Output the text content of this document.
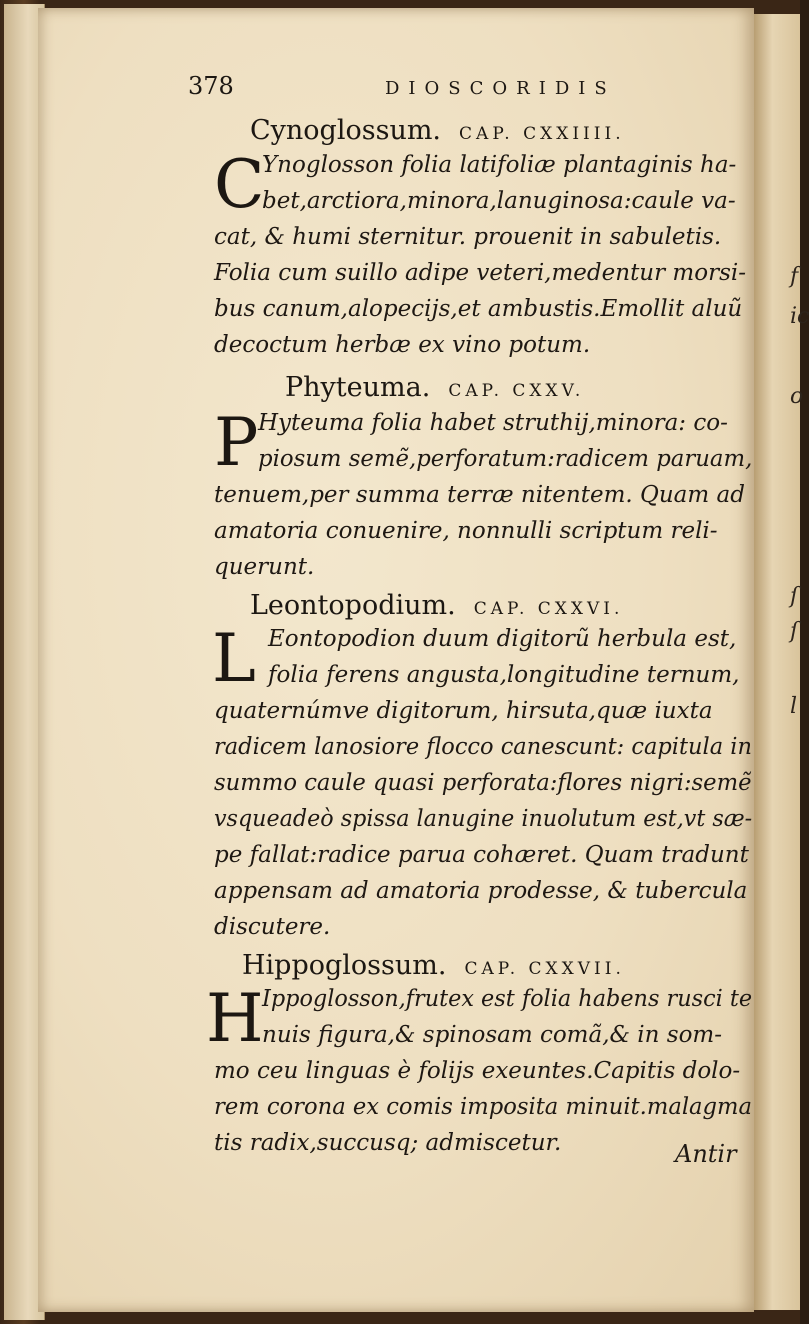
f
ic
o
ſ
ſ
l
378	DIOSCORIDIS
Cynoglossum. CAP. CXXIIII.
C
Ynoglosson folia latifoliæ plantaginis ha-
bet,arctiora,minora,lanuginosa:caule va-
cat, & humi sternitur. prouenit in sabuletis.
Folia cum suillo adipe veteri,medentur morsi-
bus canum,alopecijs,et ambustis.Emollit aluũ
decoctum herbæ ex vino potum.
Phyteuma. CAP. CXXV.
P Hyteuma folia habet struthij,minora: co-
piosum semẽ,perforatum:radicem paruam,
tenuem,per summa terræ nitentem. Quam ad
amatoria conuenire, nonnulli scriptum reli-
querunt.
Leontopodium. CAP. CXXVI.
L Eontopodion duum digitorũ herbula est,
folia ferens angusta,longitudine ternum,
quaternúmve digitorum, hirsuta,quæ iuxta
radicem lanosiore flocco canescunt: capitula in
summo caule quasi perforata:flores nigri:semẽ
vsqueadeò spissa lanugine inuolutum est,vt sæ-
pe fallat:radice parua cohæret. Quam tradunt
appensam ad amatoria prodesse, & tubercula
discutere.
Hippoglossum. CAP. CXXVII.
H
Ippoglosson,frutex est folia habens rusci te
nuis figura,& spinosam comã,& in som-
mo ceu linguas è folijs exeuntes.Capitis dolo-
rem corona ex comis imposita minuit.malagma
tis radix,succusq; admiscetur.	Antir
